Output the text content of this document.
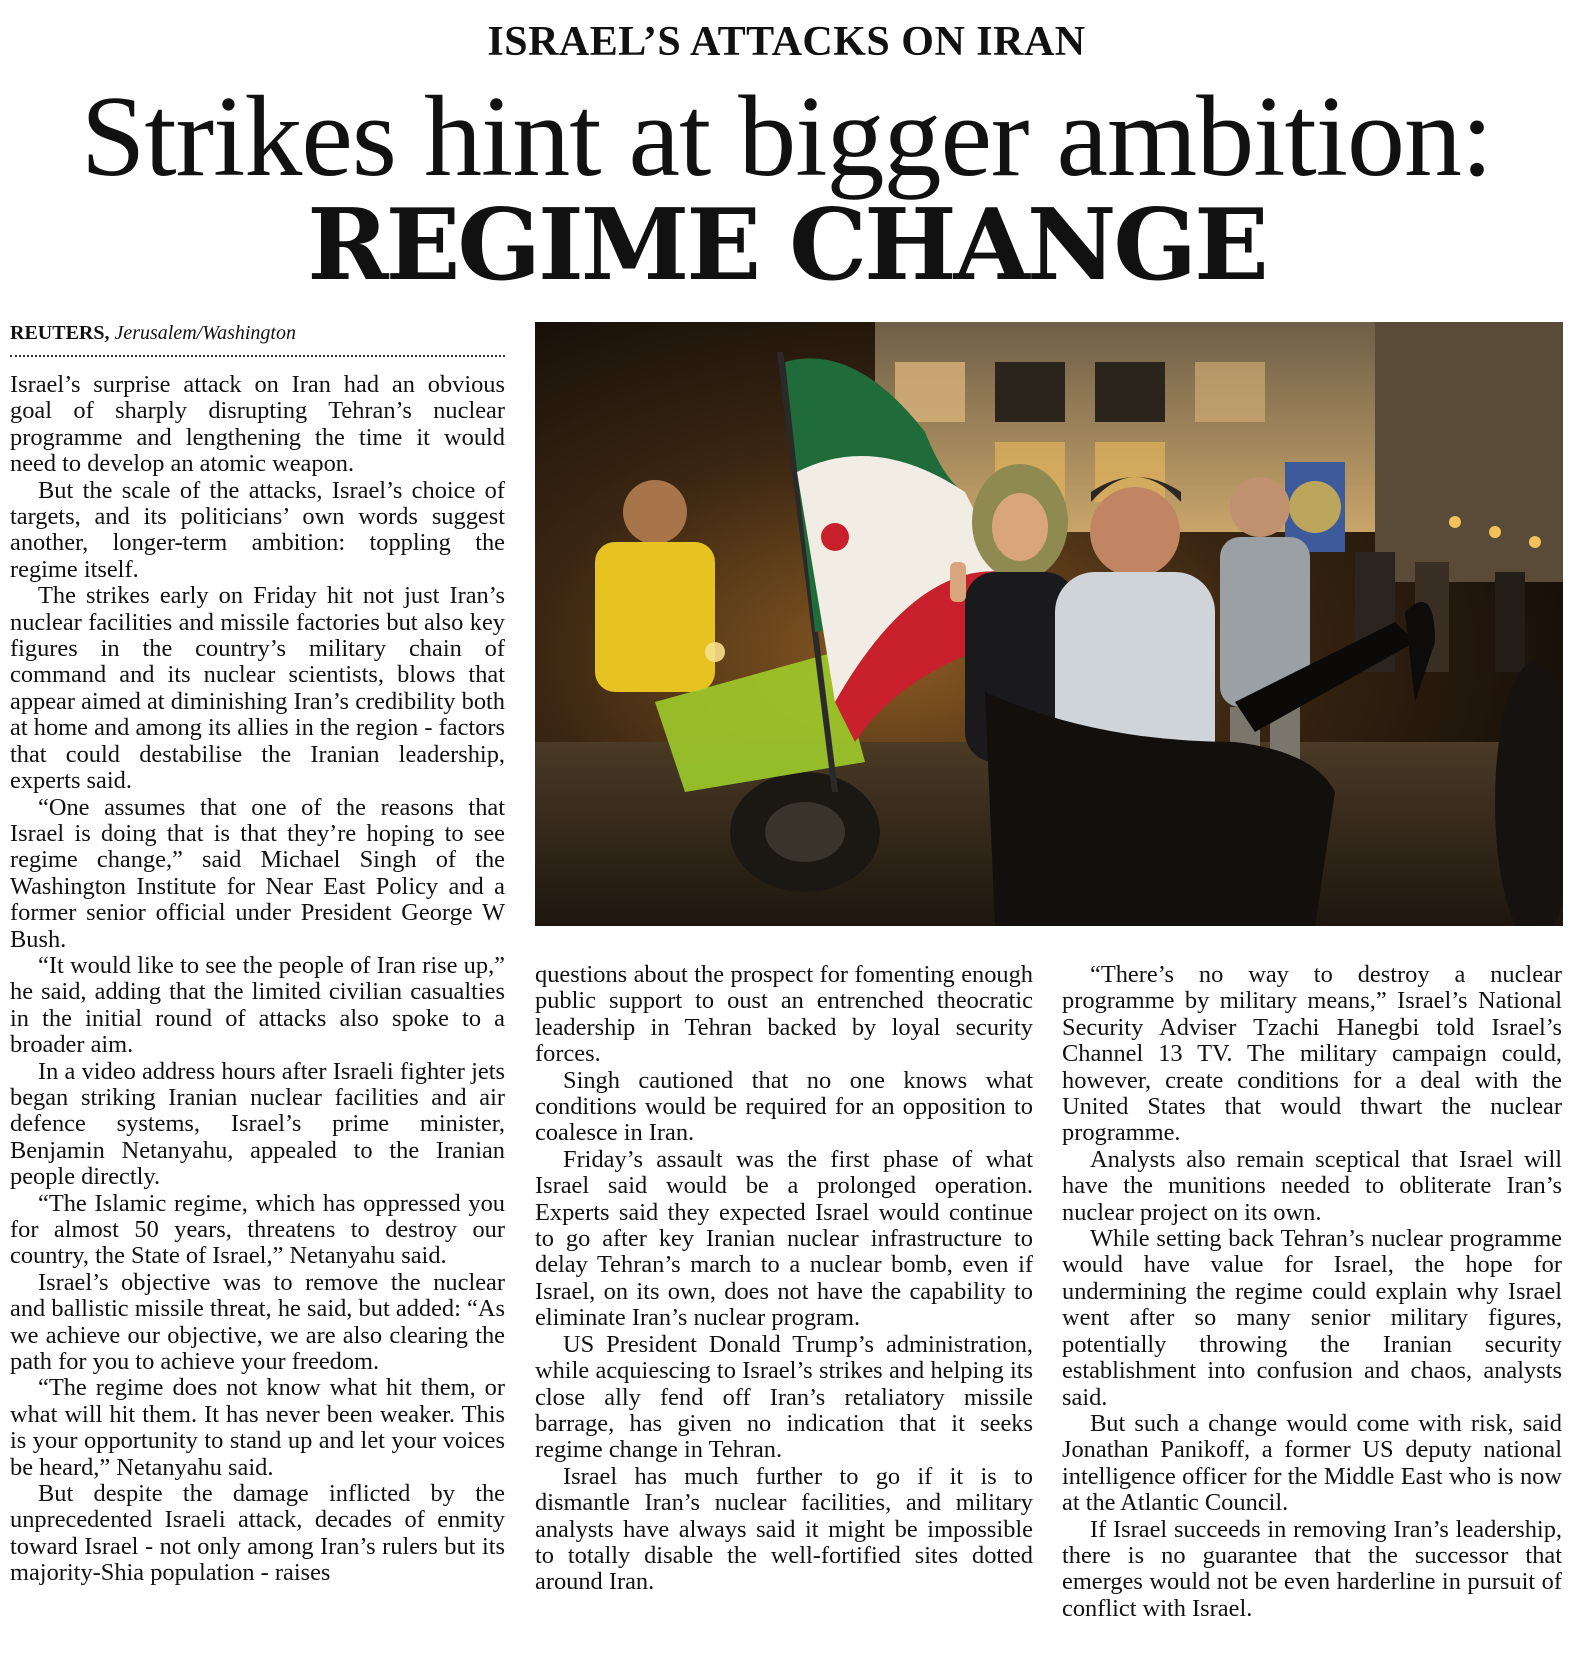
ISRAEL’S ATTACKS ON IRAN
Strikes hint at bigger ambition:
REGIME CHANGE
REUTERS, Jerusalem/Washington

Israel’s surprise attack on Iran had an obvious goal of sharply disrupting Tehran’s nuclear programme and lengthening the time it would need to develop an atomic weapon.

But the scale of the attacks, Israel’s choice of targets, and its politicians’ own words suggest another, longer-term ambition: toppling the regime itself.

The strikes early on Friday hit not just Iran’s nuclear facilities and missile factories but also key figures in the country’s military chain of command and its nuclear scientists, blows that appear aimed at diminishing Iran’s credibility both at home and among its allies in the region - factors that could destabilise the Iranian leadership, experts said.

“One assumes that one of the reasons that Israel is doing that is that they’re hoping to see regime change,” said Michael Singh of the Washington Institute for Near East Policy and a former senior official under President George W Bush.

“It would like to see the people of Iran rise up,” he said, adding that the limited civilian casualties in the initial round of attacks also spoke to a broader aim.

In a video address hours after Israeli fighter jets began striking Iranian nuclear facilities and air defence systems, Israel’s prime minister, Benjamin Netanyahu, appealed to the Iranian people directly.

“The Islamic regime, which has oppressed you for almost 50 years, threatens to destroy our country, the State of Israel,” Netanyahu said.

Israel’s objective was to remove the nuclear and ballistic missile threat, he said, but added: “As we achieve our objective, we are also clearing the path for you to achieve your freedom.

“The regime does not know what hit them, or what will hit them. It has never been weaker. This is your opportunity to stand up and let your voices be heard,” Netanyahu said.

But despite the damage inflicted by the unprecedented Israeli attack, decades of enmity toward Israel - not only among Iran’s rulers but its majority-Shia population - raises

questions about the prospect for fomenting enough public support to oust an entrenched theocratic leadership in Tehran backed by loyal security forces.

Singh cautioned that no one knows what conditions would be required for an opposition to coalesce in Iran.

Friday’s assault was the first phase of what Israel said would be a prolonged operation. Experts said they expected Israel would continue to go after key Iranian nuclear infrastructure to delay Tehran’s march to a nuclear bomb, even if Israel, on its own, does not have the capability to eliminate Iran’s nuclear program.

US President Donald Trump’s administration, while acquiescing to Israel’s strikes and helping its close ally fend off Iran’s retaliatory missile barrage, has given no indication that it seeks regime change in Tehran.

Israel has much further to go if it is to dismantle Iran’s nuclear facilities, and military analysts have always said it might be impossible to totally disable the well-fortified sites dotted around Iran.

“There’s no way to destroy a nuclear programme by military means,” Israel’s National Security Adviser Tzachi Hanegbi told Israel’s Channel 13 TV. The military campaign could, however, create conditions for a deal with the United States that would thwart the nuclear programme.

Analysts also remain sceptical that Israel will have the munitions needed to obliterate Iran’s nuclear project on its own.

While setting back Tehran’s nuclear programme would have value for Israel, the hope for undermining the regime could explain why Israel went after so many senior military figures, potentially throwing the Iranian security establishment into confusion and chaos, analysts said.

But such a change would come with risk, said Jonathan Panikoff, a former US deputy national intelligence officer for the Middle East who is now at the Atlantic Council.

If Israel succeeds in removing Iran’s leadership, there is no guarantee that the successor that emerges would not be even harderline in pursuit of conflict with Israel.
